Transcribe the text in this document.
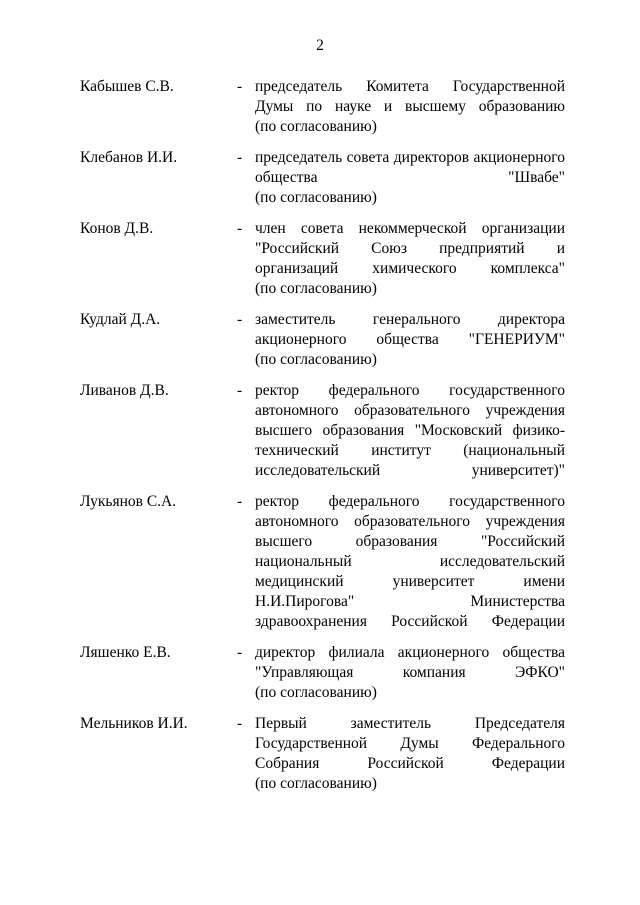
2
Кабышев С.В.	- председатель Комитета Государственной Думы по науке и высшему образованию
(по согласованию)
Клебанов И.И.	- председатель совета директоров акционерного общества "Швабе"
(по согласованию)
Конов Д.В.	- член совета некоммерческой организации "Российский Союз предприятий и организаций химического комплекса"
(по согласованию)
Кудлай Д.А.	- заместитель генерального директора акционерного общества "ГЕНЕРИУМ"
(по согласованию)
Ливанов Д.В.	- ректор федерального государственного автономного образовательного учреждения высшего образования "Московский физико-технический институт (национальный исследовательский университет)"
Лукьянов С.А.	- ректор федерального государственного автономного образовательного учреждения высшего образования "Российский национальный исследовательский медицинский университет имени Н.И.Пирогова" Министерства здравоохранения Российской Федерации
Ляшенко Е.В.	- директор филиала акционерного общества "Управляющая компания ЭФКО"
(по согласованию)
Мельников И.И.	- Первый заместитель Председателя Государственной Думы Федерального Собрания Российской Федерации
(по согласованию)
